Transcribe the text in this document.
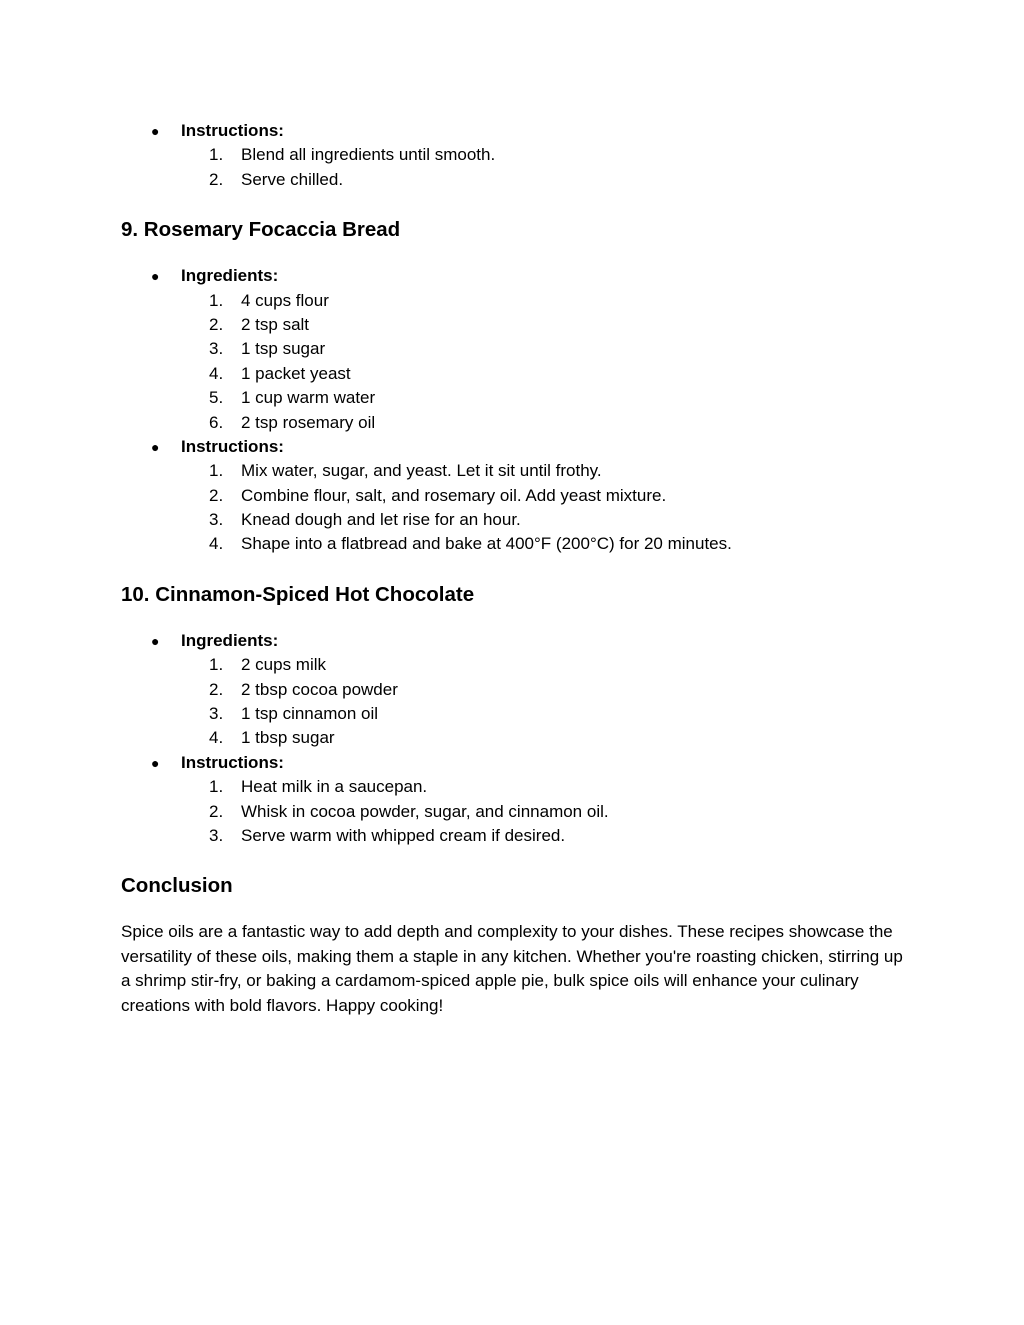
● Instructions:
1.	Blend all ingredients until smooth.
2.	Serve chilled.
9. Rosemary Focaccia Bread
● Ingredients:
1.	4 cups flour
2.	2 tsp salt
3.	1 tsp sugar
4.	1 packet yeast
5.	1 cup warm water
6.	2 tsp rosemary oil
● Instructions:
1.	Mix water, sugar, and yeast. Let it sit until frothy.
2.	Combine flour, salt, and rosemary oil. Add yeast mixture.
3.	Knead dough and let rise for an hour.
4.	Shape into a flatbread and bake at 400°F (200°C) for 20 minutes.
10. Cinnamon-Spiced Hot Chocolate
● Ingredients:
1.	2 cups milk
2.	2 tbsp cocoa powder
3.	1 tsp cinnamon oil
4.	1 tbsp sugar
● Instructions:
1.	Heat milk in a saucepan.
2.	Whisk in cocoa powder, sugar, and cinnamon oil.
3.	Serve warm with whipped cream if desired.
Conclusion

Spice oils are a fantastic way to add depth and complexity to your dishes. These recipes showcase the versatility of these oils, making them a staple in any kitchen. Whether you're roasting chicken, stirring up a shrimp stir-fry, or baking a cardamom-spiced apple pie, bulk spice oils will enhance your culinary creations with bold flavors. Happy cooking!
